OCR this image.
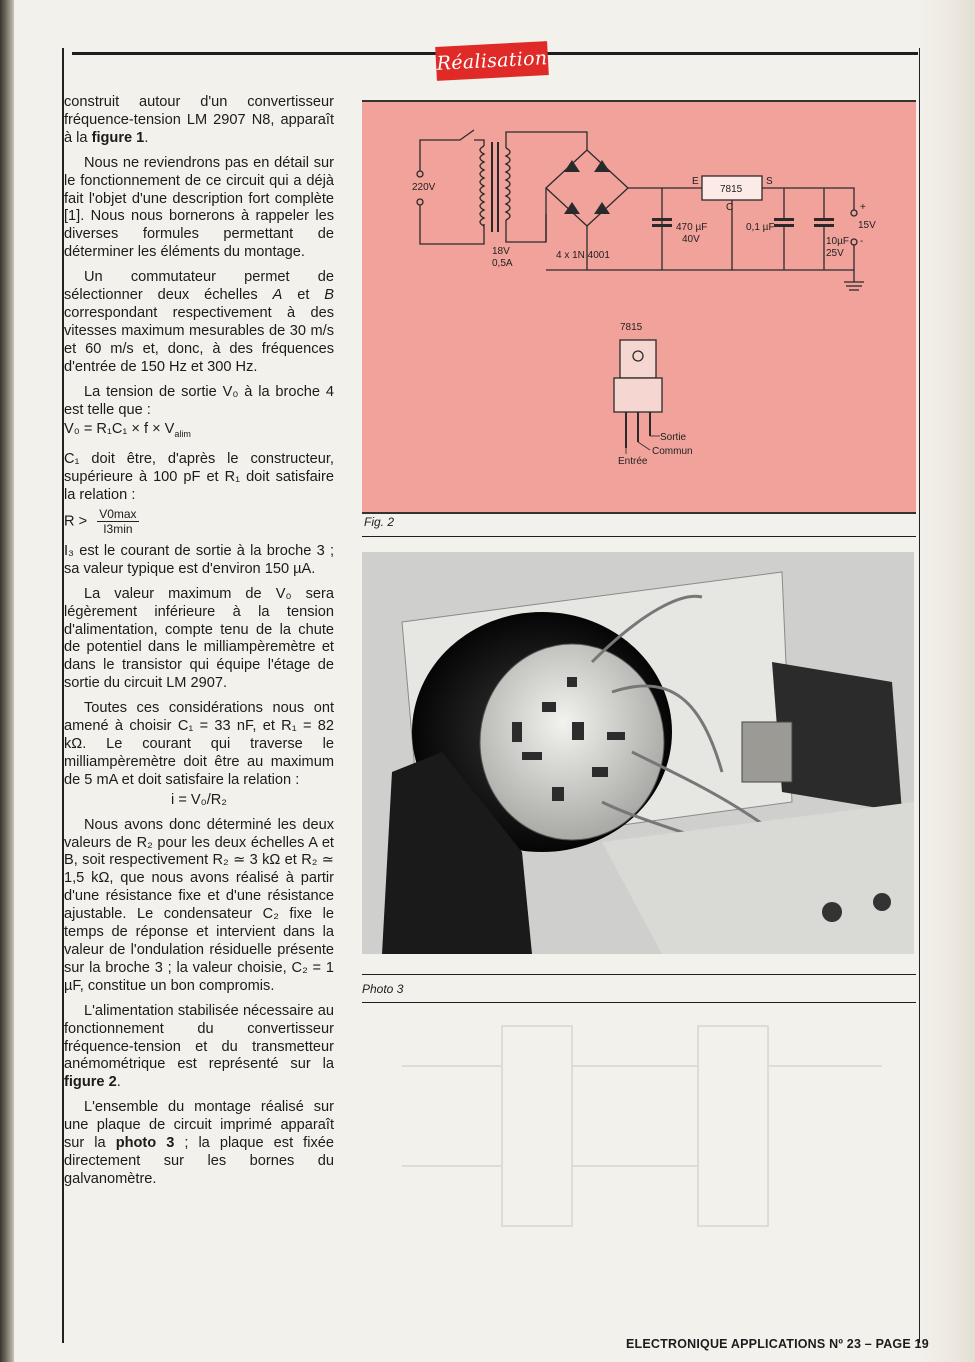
Réalisation

construit autour d'un convertisseur fréquence-tension LM 2907 N8, apparaît à la figure 1.

Nous ne reviendrons pas en détail sur le fonctionnement de ce circuit qui a déjà fait l'objet d'une description fort complète [1]. Nous nous bornerons à rappeler les diverses formules permettant de déterminer les éléments du montage.

Un commutateur permet de sélectionner deux échelles A et B correspondant respectivement à des vitesses maximum mesurables de 30 m/s et 60 m/s et, donc, à des fréquences d'entrée de 150 Hz et 300 Hz.

La tension de sortie V₀ à la broche 4 est telle que :

$V_0 = R_1C_1 \times f \times V_{alim}$

C₁ doit être, d'après le constructeur, supérieure à 100 pF et R₁ doit satisfaire la relation :

$R > \frac{V0\max}{I3\min}$

I₃ est le courant de sortie à la broche 3 ; sa valeur typique est d'environ 150 µA.

La valeur maximum de V₀ sera légèrement inférieure à la tension d'alimentation, compte tenu de la chute de potentiel dans le milliampèremètre et dans le transistor qui équipe l'étage de sortie du circuit LM 2907.

Toutes ces considérations nous ont amené à choisir C₁ = 33 nF, et R₁ = 82 kΩ. Le courant qui traverse le milliampèremètre doit être au maximum de 5 mA et doit satisfaire la relation :

i = V₀/R₂

Nous avons donc déterminé les deux valeurs de R₂ pour les deux échelles A et B, soit respectivement R₂ ≃ 3 kΩ et R₂ ≃ 1,5 kΩ, que nous avons réalisé à partir d'une résistance fixe et d'une résistance ajustable. Le condensateur C₂ fixe le temps de réponse et intervient dans la valeur de l'ondulation résiduelle présente sur la broche 3 ; la valeur choisie, C₂ = 1 µF, constitue un bon compromis.

L'alimentation stabilisée nécessaire au fonctionnement du convertisseur fréquence-tension et du transmetteur anémométrique est représenté sur la figure 2.

L'ensemble du montage réalisé sur une plaque de circuit imprimé apparaît sur la photo 3 ; la plaque est fixée directement sur les bornes du galvanomètre.

220V
18V
0,5A
4 x 1N 4001
7815
E	S
C
470 µF
40V
0,1 µF
10µF
25V
+
-
15V
7815
Sortie
Commun
Entrée
Fig. 2
Photo 3
ELECTRONIQUE APPLICATIONS Nº 23 – PAGE 19
